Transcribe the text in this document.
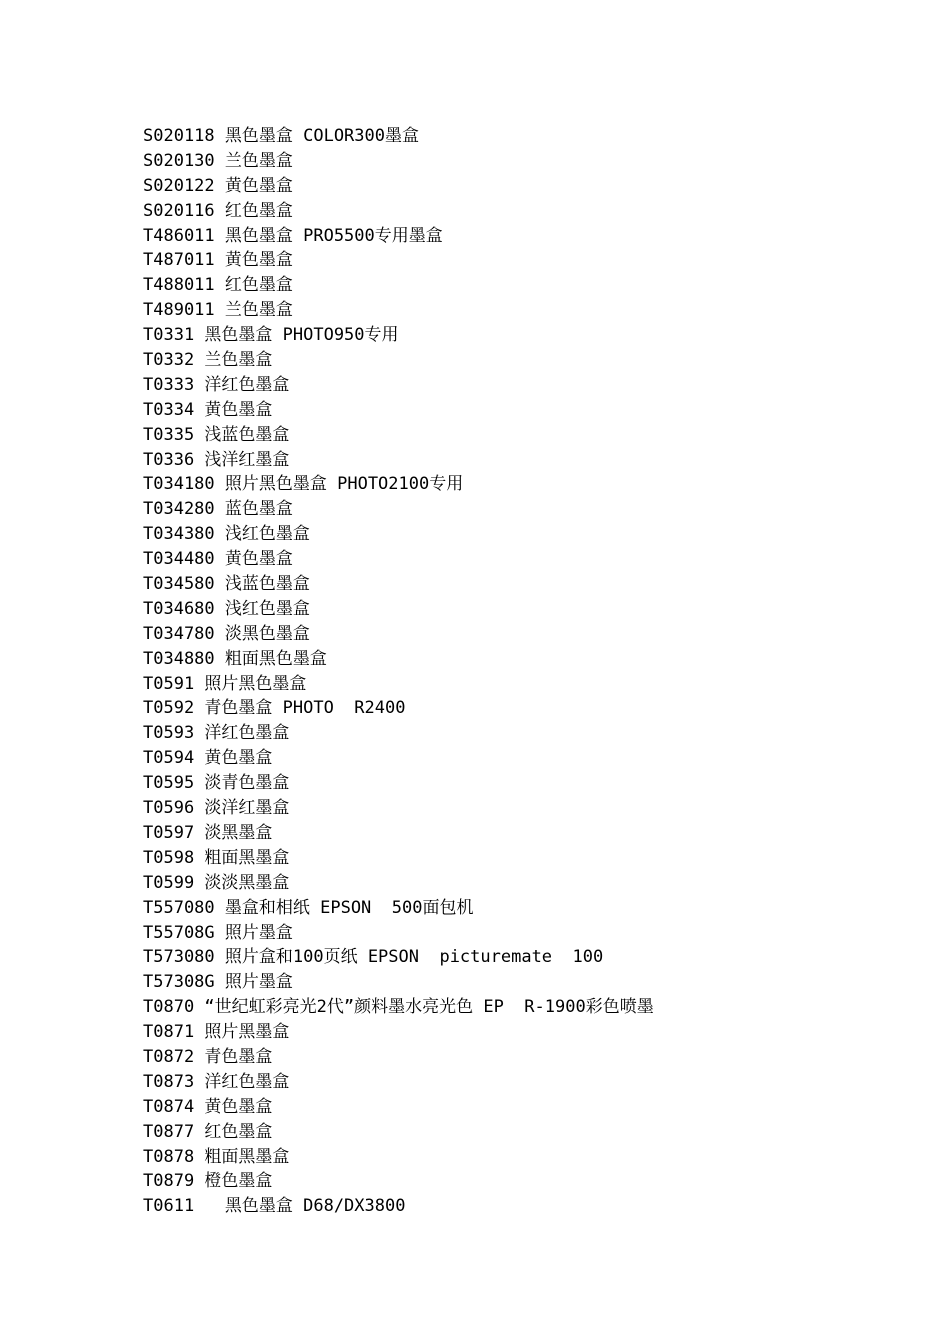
S020118 黑色墨盒 COLOR300墨盒
S020130 兰色墨盒
S020122 黄色墨盒
S020116 红色墨盒
T486011 黑色墨盒 PRO5500专用墨盒
T487011 黄色墨盒
T488011 红色墨盒
T489011 兰色墨盒
T0331 黑色墨盒 PHOTO950专用
T0332 兰色墨盒
T0333 洋红色墨盒
T0334 黄色墨盒
T0335 浅蓝色墨盒
T0336 浅洋红墨盒
T034180 照片黑色墨盒 PHOTO2100专用
T034280 蓝色墨盒
T034380 浅红色墨盒
T034480 黄色墨盒
T034580 浅蓝色墨盒
T034680 浅红色墨盒
T034780 淡黑色墨盒
T034880 粗面黑色墨盒
T0591 照片黑色墨盒
T0592 青色墨盒 PHOTO  R2400
T0593 洋红色墨盒
T0594 黄色墨盒
T0595 淡青色墨盒
T0596 淡洋红墨盒
T0597 淡黑墨盒
T0598 粗面黑墨盒
T0599 淡淡黑墨盒
T557080 墨盒和相纸 EPSON  500面包机
T55708G 照片墨盒
T573080 照片盒和100页纸 EPSON  picturemate  100
T57308G 照片墨盒
T0870 “世纪虹彩亮光2代”颜料墨水亮光色 EP  R-1900彩色喷墨
T0871 照片黑墨盒
T0872 青色墨盒
T0873 洋红色墨盒
T0874 黄色墨盒
T0877 红色墨盒
T0878 粗面黑墨盒
T0879 橙色墨盒
T0611   黑色墨盒 D68/DX3800
